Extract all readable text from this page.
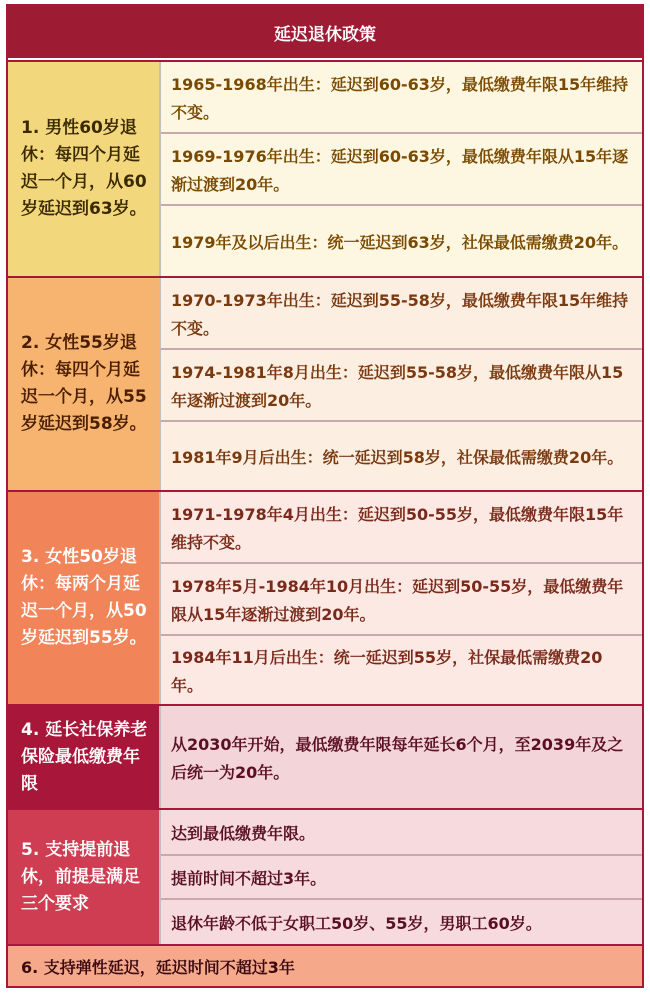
延迟退休政策
1. 男性60岁退休：每四个月延迟一个月，从60岁延迟到63岁。
1965-1968年出生：延迟到60-63岁，最低缴费年限15年维持不变。
1969-1976年出生：延迟到60-63岁，最低缴费年限从15年逐渐过渡到20年。
1979年及以后出生：统一延迟到63岁，社保最低需缴费20年。
2. 女性55岁退休：每四个月延迟一个月，从55岁延迟到58岁。
1970-1973年出生：延迟到55-58岁，最低缴费年限15年维持不变。
1974-1981年8月出生：延迟到55-58岁，最低缴费年限从15年逐渐过渡到20年。
1981年9月后出生：统一延迟到58岁，社保最低需缴费20年。
3. 女性50岁退休：每两个月延迟一个月，从50岁延迟到55岁。
1971-1978年4月出生：延迟到50-55岁，最低缴费年限15年维持不变。
1978年5月-1984年10月出生：延迟到50-55岁，最低缴费年限从15年逐渐过渡到20年。
1984年11月后出生：统一延迟到55岁，社保最低需缴费20年。
4. 延长社保养老保险最低缴费年限
从2030年开始，最低缴费年限每年延长6个月，至2039年及之后统一为20年。
5. 支持提前退休，前提是满足三个要求
达到最低缴费年限。
提前时间不超过3年。
退休年龄不低于女职工50岁、55岁，男职工60岁。
6. 支持弹性延迟，延迟时间不超过3年
